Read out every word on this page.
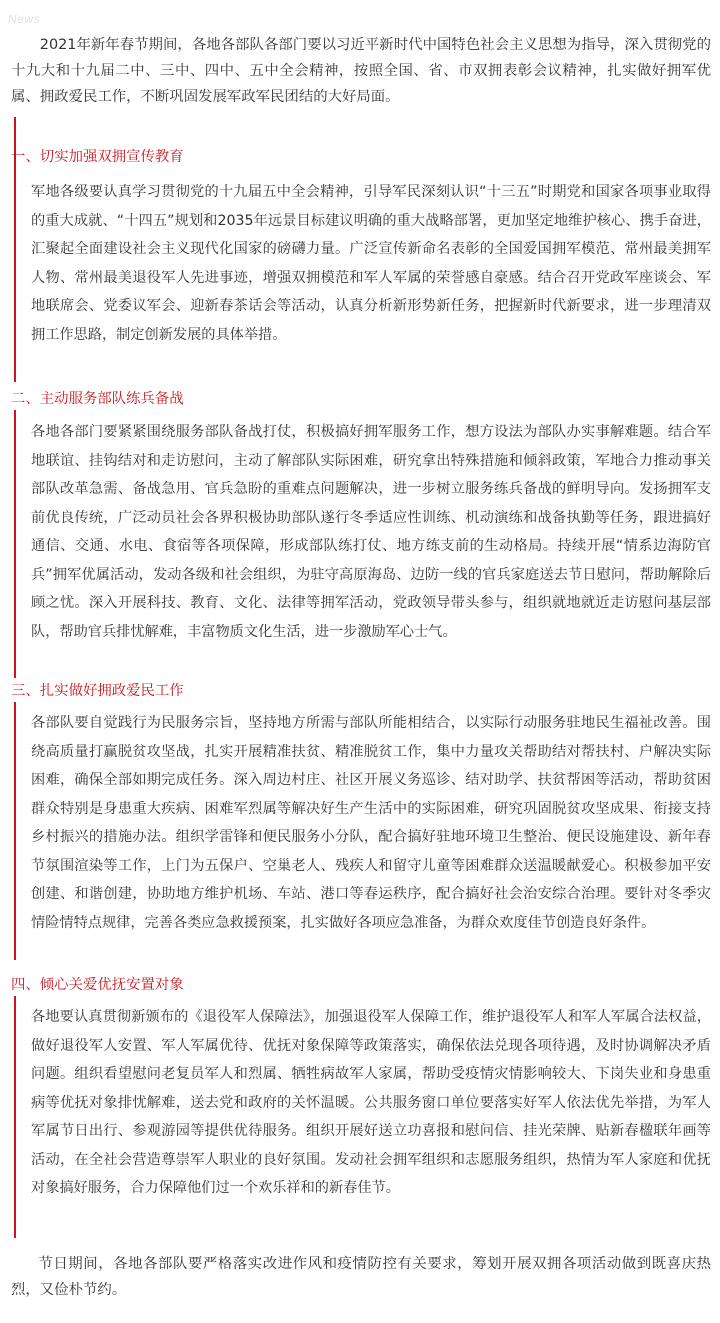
News

2021年新年春节期间，各地各部队各部门要以习近平新时代中国特色社会主义思想为指导，深入贯彻党的十九大和十九届二中、三中、四中、五中全会精神，按照全国、省、市双拥表彰会议精神，扎实做好拥军优属、拥政爱民工作，不断巩固发展军政军民团结的大好局面。

一、切实加强双拥宣传教育

军地各级要认真学习贯彻党的十九届五中全会精神，引导军民深刻认识“十三五”时期党和国家各项事业取得的重大成就、“十四五”规划和2035年远景目标建议明确的重大战略部署，更加坚定地维护核心、携手奋进，汇聚起全面建设社会主义现代化国家的磅礴力量。广泛宣传新命名表彰的全国爱国拥军模范、常州最美拥军人物、常州最美退役军人先进事迹，增强双拥模范和军人军属的荣誉感自豪感。结合召开党政军座谈会、军地联席会、党委议军会、迎新春茶话会等活动，认真分析新形势新任务，把握新时代新要求，进一步理清双拥工作思路，制定创新发展的具体举措。

二、主动服务部队练兵备战

各地各部门要紧紧围绕服务部队备战打仗，积极搞好拥军服务工作，想方设法为部队办实事解难题。结合军地联谊、挂钩结对和走访慰问，主动了解部队实际困难，研究拿出特殊措施和倾斜政策，军地合力推动事关部队改革急需、备战急用、官兵急盼的重难点问题解决，进一步树立服务练兵备战的鲜明导向。发扬拥军支前优良传统，广泛动员社会各界积极协助部队遂行冬季适应性训练、机动演练和战备执勤等任务，跟进搞好通信、交通、水电、食宿等各项保障，形成部队练打仗、地方练支前的生动格局。持续开展“情系边海防官兵”拥军优属活动，发动各级和社会组织，为驻守高原海岛、边防一线的官兵家庭送去节日慰问，帮助解除后顾之忧。深入开展科技、教育、文化、法律等拥军活动，党政领导带头参与，组织就地就近走访慰问基层部队，帮助官兵排忧解难，丰富物质文化生活，进一步激励军心士气。

三、扎实做好拥政爱民工作

各部队要自觉践行为民服务宗旨，坚持地方所需与部队所能相结合，以实际行动服务驻地民生福祉改善。围绕高质量打赢脱贫攻坚战，扎实开展精准扶贫、精准脱贫工作，集中力量攻关帮助结对帮扶村、户解决实际困难，确保全部如期完成任务。深入周边村庄、社区开展义务巡诊、结对助学、扶贫帮困等活动，帮助贫困群众特别是身患重大疾病、困难军烈属等解决好生产生活中的实际困难，研究巩固脱贫攻坚成果、衔接支持乡村振兴的措施办法。组织学雷锋和便民服务小分队，配合搞好驻地环境卫生整治、便民设施建设、新年春节氛围渲染等工作，上门为五保户、空巢老人、残疾人和留守儿童等困难群众送温暖献爱心。积极参加平安创建、和谐创建，协助地方维护机场、车站、港口等春运秩序，配合搞好社会治安综合治理。要针对冬季灾情险情特点规律，完善各类应急救援预案，扎实做好各项应急准备，为群众欢度佳节创造良好条件。

四、倾心关爱优抚安置对象

各地要认真贯彻新颁布的《退役军人保障法》，加强退役军人保障工作，维护退役军人和军人军属合法权益，做好退役军人安置、军人军属优待、优抚对象保障等政策落实，确保依法兑现各项待遇，及时协调解决矛盾问题。组织看望慰问老复员军人和烈属、牺牲病故军人家属，帮助受疫情灾情影响较大、下岗失业和身患重病等优抚对象排忧解难，送去党和政府的关怀温暖。公共服务窗口单位要落实好军人依法优先举措，为军人军属节日出行、参观游园等提供优待服务。组织开展好送立功喜报和慰问信、挂光荣牌、贴新春楹联年画等活动，在全社会营造尊崇军人职业的良好氛围。发动社会拥军组织和志愿服务组织，热情为军人家庭和优抚对象搞好服务，合力保障他们过一个欢乐祥和的新春佳节。

节日期间，各地各部队要严格落实改进作风和疫情防控有关要求，筹划开展双拥各项活动做到既喜庆热烈，又俭朴节约。
